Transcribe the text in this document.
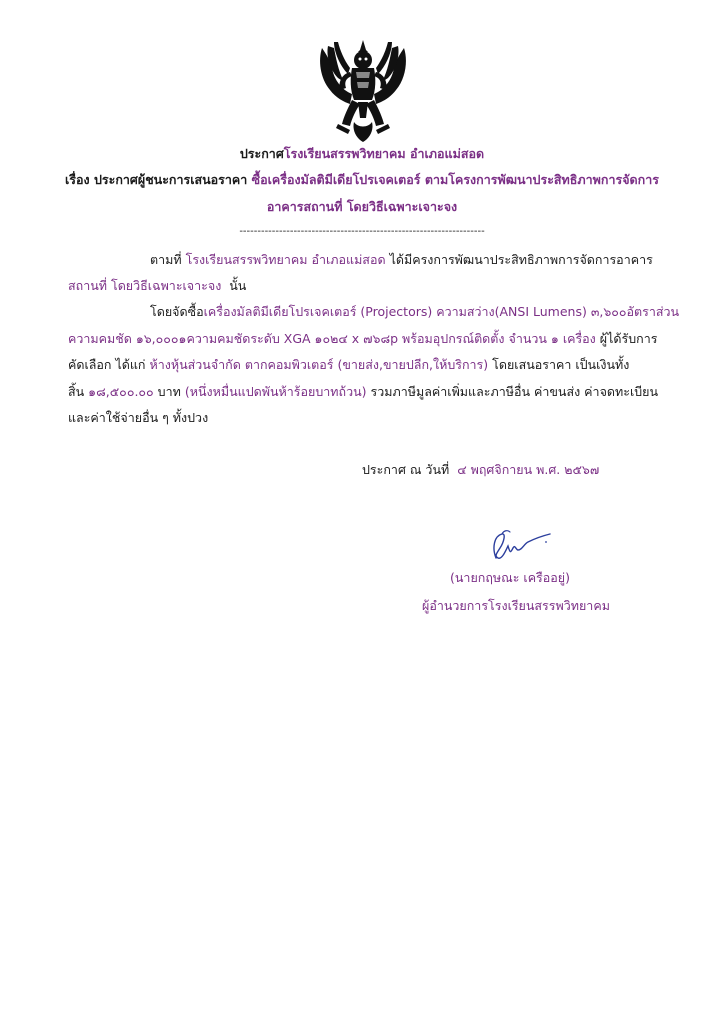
ประกาศโรงเรียนสรรพวิทยาคม อำเภอแม่สอด
เรื่อง ประกาศผู้ชนะการเสนอราคา ซื้อเครื่องมัลติมีเดียโปรเจคเตอร์ ตามโครงการพัฒนาประสิทธิภาพการจัดการ
อาคารสถานที่ โดยวิธีเฉพาะเจาะจง
--------------------------------------------------------------------
ตามที่ โรงเรียนสรรพวิทยาคม อำเภอแม่สอด ได้มีครงการพัฒนาประสิทธิภาพการจัดการอาคาร
สถานที่ โดยวิธีเฉพาะเจาะจง นั้น
โดยจัดซื้อเครื่องมัลติมีเดียโปรเจคเตอร์ (Projectors) ความสว่าง(ANSI Lumens) ๓,๖๐๐อัตราส่วน
ความคมชัด ๑๖,๐๐๐๑ความคมชัดระดับ XGA ๑๐๒๔ x ๗๖๘p พร้อมอุปกรณ์ติดตั้ง จำนวน ๑ เครื่อง ผู้ได้รับการ
คัดเลือก ได้แก่ ห้างหุ้นส่วนจำกัด ตากคอมพิวเตอร์ (ขายส่ง,ขายปลีก,ให้บริการ) โดยเสนอราคา เป็นเงินทั้ง
สิ้น ๑๘,๕๐๐.๐๐ บาท (หนึ่งหมื่นแปดพันห้าร้อยบาทถ้วน) รวมภาษีมูลค่าเพิ่มและภาษีอื่น ค่าขนส่ง ค่าจดทะเบียน
และค่าใช้จ่ายอื่น ๆ ทั้งปวง
ประกาศ ณ วันที่ ๔ พฤศจิกายน พ.ศ. ๒๕๖๗
(นายกฤษณะ เครืออยู่)
ผู้อำนวยการโรงเรียนสรรพวิทยาคม
